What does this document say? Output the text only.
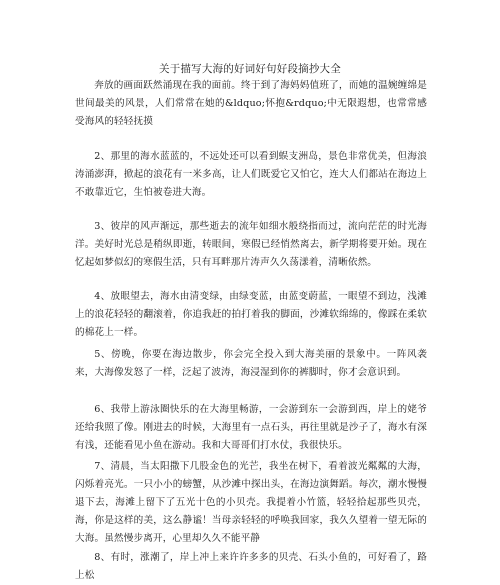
关于描写大海的好词好句好段摘抄大全

奔放的画面跃然涌现在我的面前。终于到了海妈妈值班了，而她的温婉缠绵是世间最美的风景，人们常常在她的&ldquo;怀抱&rdquo;中无限遐想，也常常感受海风的轻轻抚摸

2、那里的海水蓝蓝的，不远处还可以看到蜈支洲岛，景色非常优美，但海浪涛涌澎湃，掀起的浪花有一米多高，让人们既爱它又怕它，连大人们都站在海边上不敢靠近它，生怕被卷进大海。

3、彼岸的风声渐远，那些逝去的流年如细水般绕指而过，流向茫茫的时光海洋。美好时光总是稍纵即逝，转眼间，寒假已经悄然离去，新学期将要开始。现在忆起如梦似幻的寒假生活，只有耳畔那片涛声久久荡漾着，清晰依然。

4、放眼望去，海水由清变绿，由绿变蓝，由蓝变蔚蓝，一眼望不到边，浅滩上的浪花轻轻的翻滚着，你追我赶的拍打着我的脚面，沙滩软绵绵的，像踩在柔软的棉花上一样。

5、傍晚，你要在海边散步，你会完全投入到大海美丽的景象中。一阵风袭来，大海像发怒了一样，泛起了波涛，海浸湿到你的裤脚时，你才会意识到。

6、我带上游泳圈快乐的在大海里畅游，一会游到东一会游到西，岸上的姥爷还给我照了像。刚进去的时候，大海里有一点石头，再往里就是沙子了，海水有深有浅，还能看见小鱼在游动。我和大哥哥们打水仗，我很快乐。

7、清晨，当太阳撒下几股金色的光芒，我坐在树下，看着波光粼粼的大海，闪烁着亮光。一只小小的螃蟹，从沙滩中探出头，在海边演舞蹈。每次，潮水慢慢退下去，海滩上留下了五光十色的小贝壳。我提着小竹篮，轻轻拾起那些贝壳，海，你是这样的美，这么静谧！当母亲轻轻的呼唤我回家，我久久望着一望无际的大海。虽然慢步离开，心里却久久不能平静

8、有时，涨潮了，岸上冲上来许许多多的贝壳、石头小鱼的，可好看了，路上松
